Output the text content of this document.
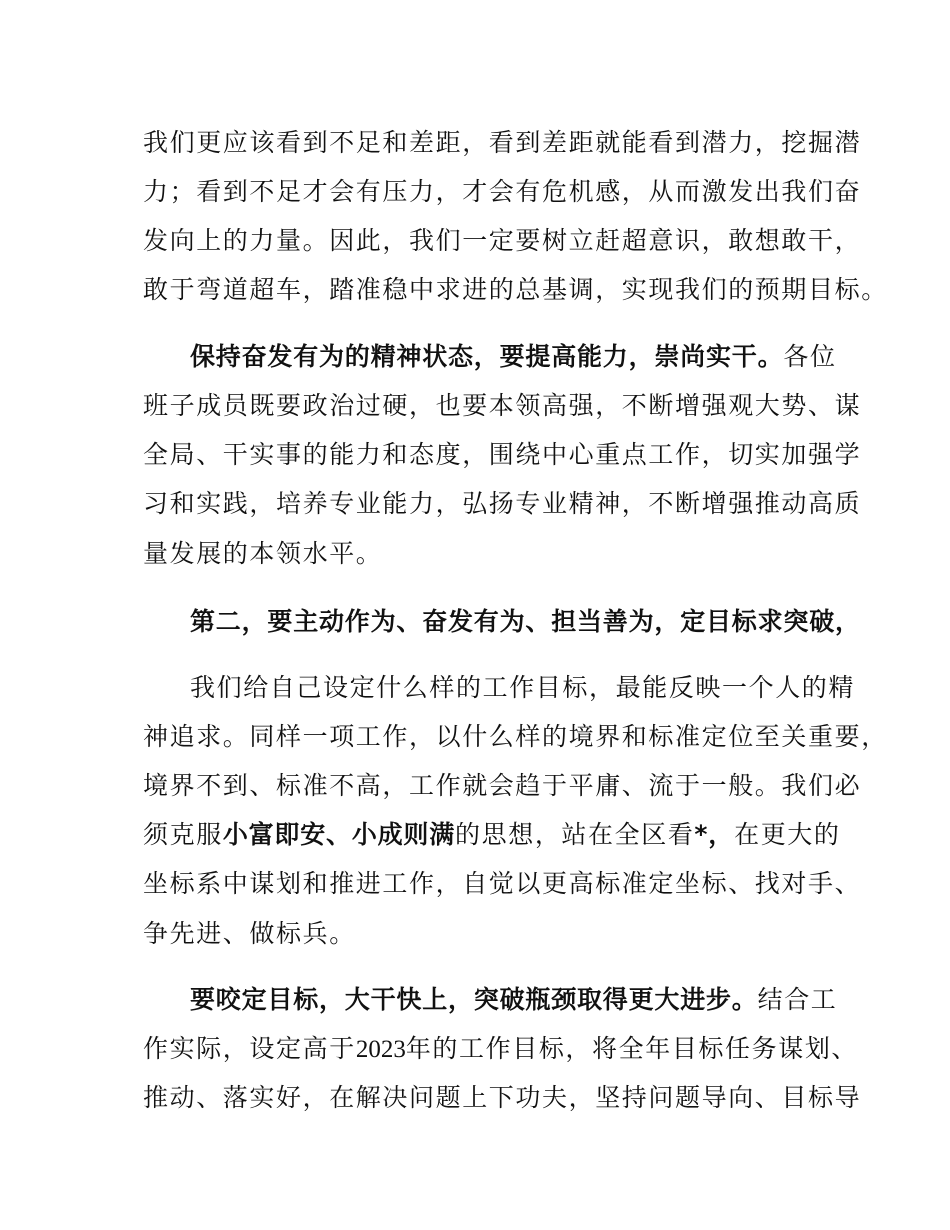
我们更应该看到不足和差距，看到差距就能看到潜力，挖掘潜
力；看到不足才会有压力，才会有危机感，从而激发出我们奋
发向上的力量。因此，我们一定要树立赶超意识，敢想敢干，
敢于弯道超车，踏准稳中求进的总基调，实现我们的预期目标。
保持奋发有为的精神状态，要提高能力，崇尚实干。各位
班子成员既要政治过硬，也要本领高强，不断增强观大势、谋
全局、干实事的能力和态度，围绕中心重点工作，切实加强学
习和实践，培养专业能力，弘扬专业精神，不断增强推动高质
量发展的本领水平。
第二，要主动作为、奋发有为、担当善为，定目标求突破，
我们给自己设定什么样的工作目标，最能反映一个人的精
神追求。同样一项工作，以什么样的境界和标准定位至关重要，
境界不到、标准不高，工作就会趋于平庸、流于一般。我们必
须克服小富即安、小成则满的思想，站在全区看*，在更大的
坐标系中谋划和推进工作，自觉以更高标准定坐标、找对手、
争先进、做标兵。
要咬定目标，大干快上，突破瓶颈取得更大进步。结合工
作实际，设定高于2023年的工作目标，将全年目标任务谋划、
推动、落实好，在解决问题上下功夫，坚持问题导向、目标导
